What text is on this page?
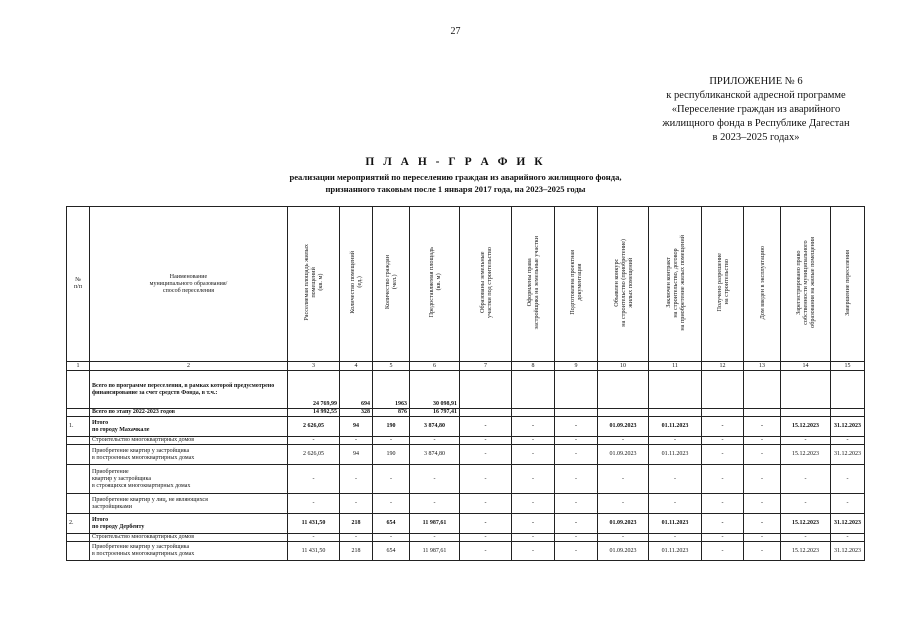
27
ПРИЛОЖЕНИЕ № 6
к республиканской адресной программе
«Переселение граждан из аварийного
жилищного фонда в Республике Дагестан
в 2023–2025 годах»
П Л А Н - Г Р А Ф И К
реализации мероприятий по переселению граждан из аварийного жилищного фонда,
признанного таковым после 1 января 2017 года, на 2023–2025 годы
№
п/п	Наименование
муниципального образования/
способ переселения	Расселяемая площадь жилых
помещений
(кв. м)	Количество помещений
(ед.)	Количество граждан
(чел.)	Предоставляемая площадь
(кв. м)	Образованы земельные
участки под строительство	Оформлены права
застройщика на земельные участки	Подготовлена проектная
документация	Объявлен конкурс
на строительство (приобретение)
жилых помещений	Заключен контракт
на строительство, договор
на приобретение жилых помещений	Получено разрешение
на строительство	Дом введен в эксплуатацию	Зарегистрировано право
собственности муниципального
образования на жилые помещения	Завершение переселения
1	2	3	4	5	6	7	8	9	10	11	12	13	14	15
	Всего по программе переселения, в рамках которой предусмотрено финансирование за счет средств Фонда, в т.ч.:	24 769,99	694	1963	30 098,91									
	Всего по этапу 2022-2023 годов	14 992,55	328	876	16 797,41									
1.	Итого
по городу Махачкале	2 626,05	94	190	3 874,80	-	-	-	01.09.2023	01.11.2023	-	-	15.12.2023	31.12.2023
	Строительство многоквартирных домов	-	-	-	-	-	-	-	-	-	-	-	-	-
	Приобретение квартир у застройщика
в построенных многоквартирных домах	2 626,05	94	190	3 874,80	-	-	-	01.09.2023	01.11.2023	-	-	15.12.2023	31.12.2023
	Приобретение
квартир у застройщика
в строящихся многоквартирных домах	-	-	-	-	-	-	-	-	-	-	-	-	-
	Приобретение квартир у лиц, не являющихся
застройщиками	-	-	-	-	-	-	-	-	-	-	-	-	-
2.	Итого
по городу Дербенту	11 431,50	218	654	11 987,61	-	-	-	01.09.2023	01.11.2023	-	-	15.12.2023	31.12.2023
	Строительство многоквартирных домов	-	-	-	-	-	-	-	-	-	-	-	-	-
	Приобретение квартир у застройщика
в построенных многоквартирных домах	11 431,50	218	654	11 987,61	-	-	-	01.09.2023	01.11.2023	-	-	15.12.2023	31.12.2023
